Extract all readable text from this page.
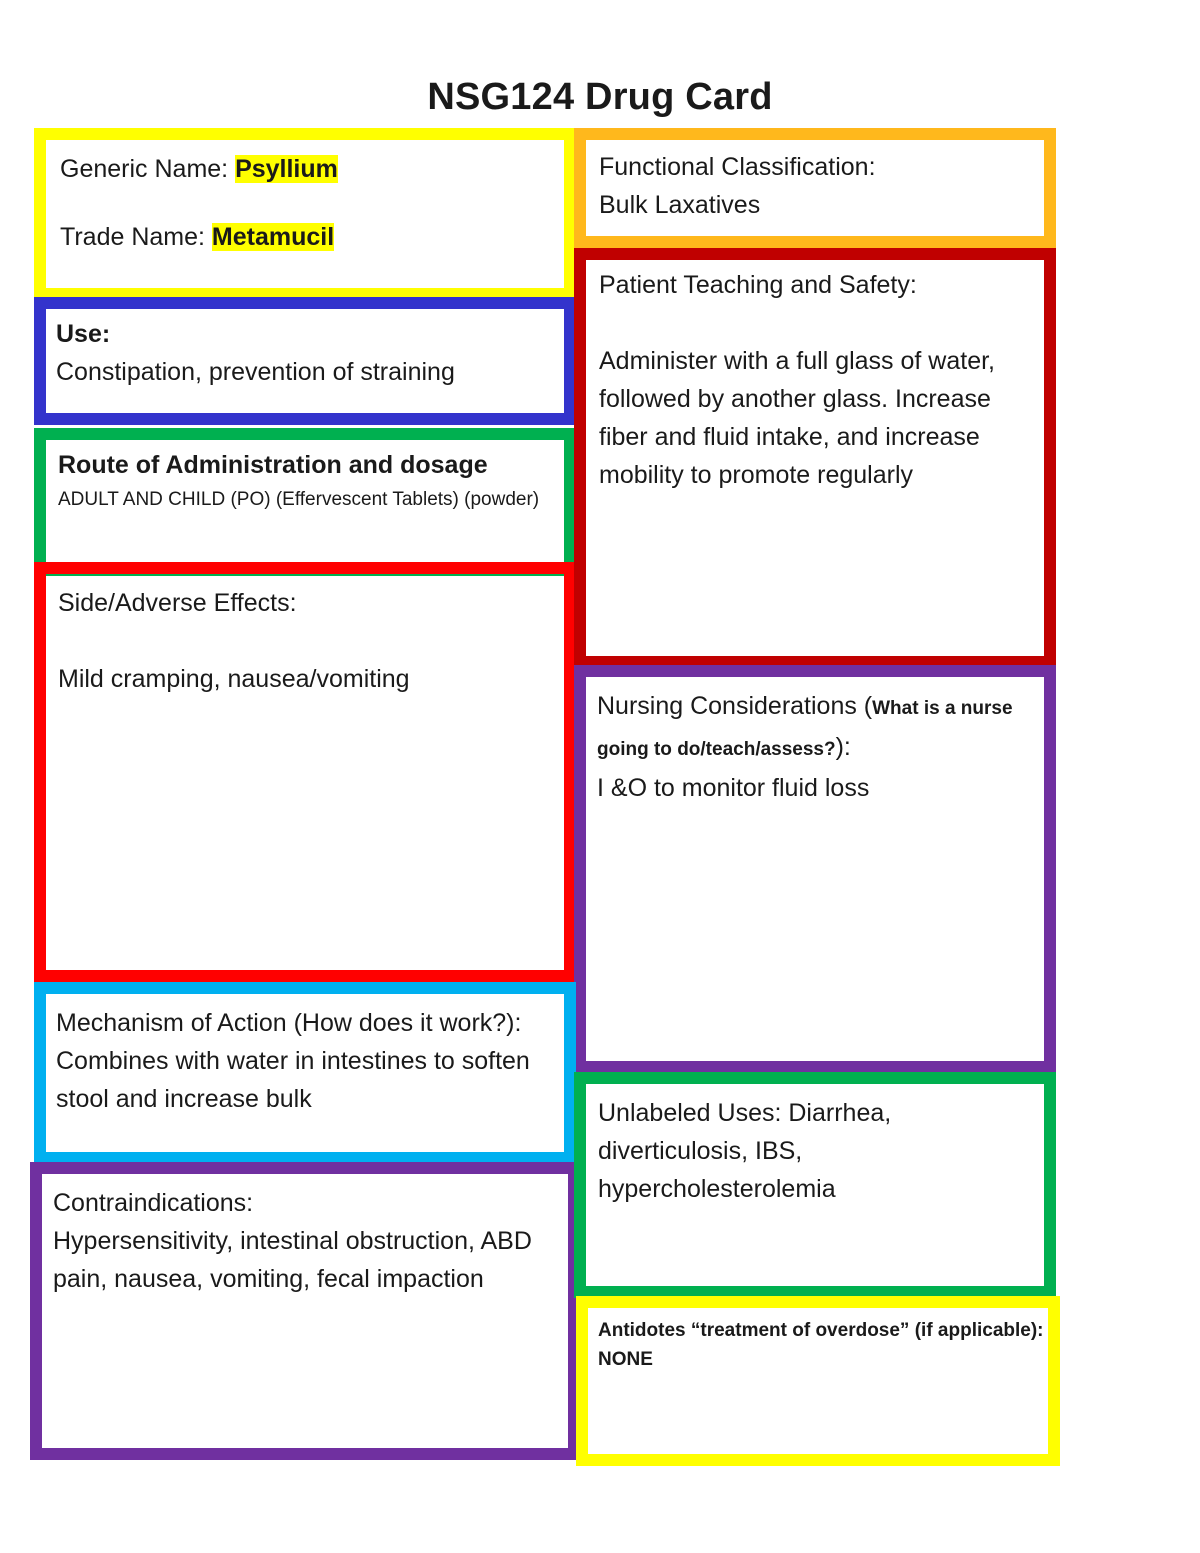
NSG124 Drug Card

Generic Name: Psyllium

Trade Name: Metamucil

Functional Classification:

Bulk Laxatives

Use:

Constipation, prevention of straining

Route of Administration and dosage

ADULT AND CHILD (PO) (Effervescent Tablets) (powder)

Side/Adverse Effects:

Mild cramping, nausea/vomiting

Patient Teaching and Safety:

Administer with a full glass of water, followed by another glass. Increase fiber and fluid intake, and increase mobility to promote regularly

Nursing Considerations (What is a nurse going to do/teach/assess?):

I &O to monitor fluid loss

Mechanism of Action (How does it work?):

Combines with water in intestines to soften stool and increase bulk

Contraindications:

Hypersensitivity, intestinal obstruction, ABD pain, nausea, vomiting, fecal impaction

Unlabeled Uses: Diarrhea, diverticulosis, IBS, hypercholesterolemia

Antidotes “treatment of overdose” (if applicable):

NONE
